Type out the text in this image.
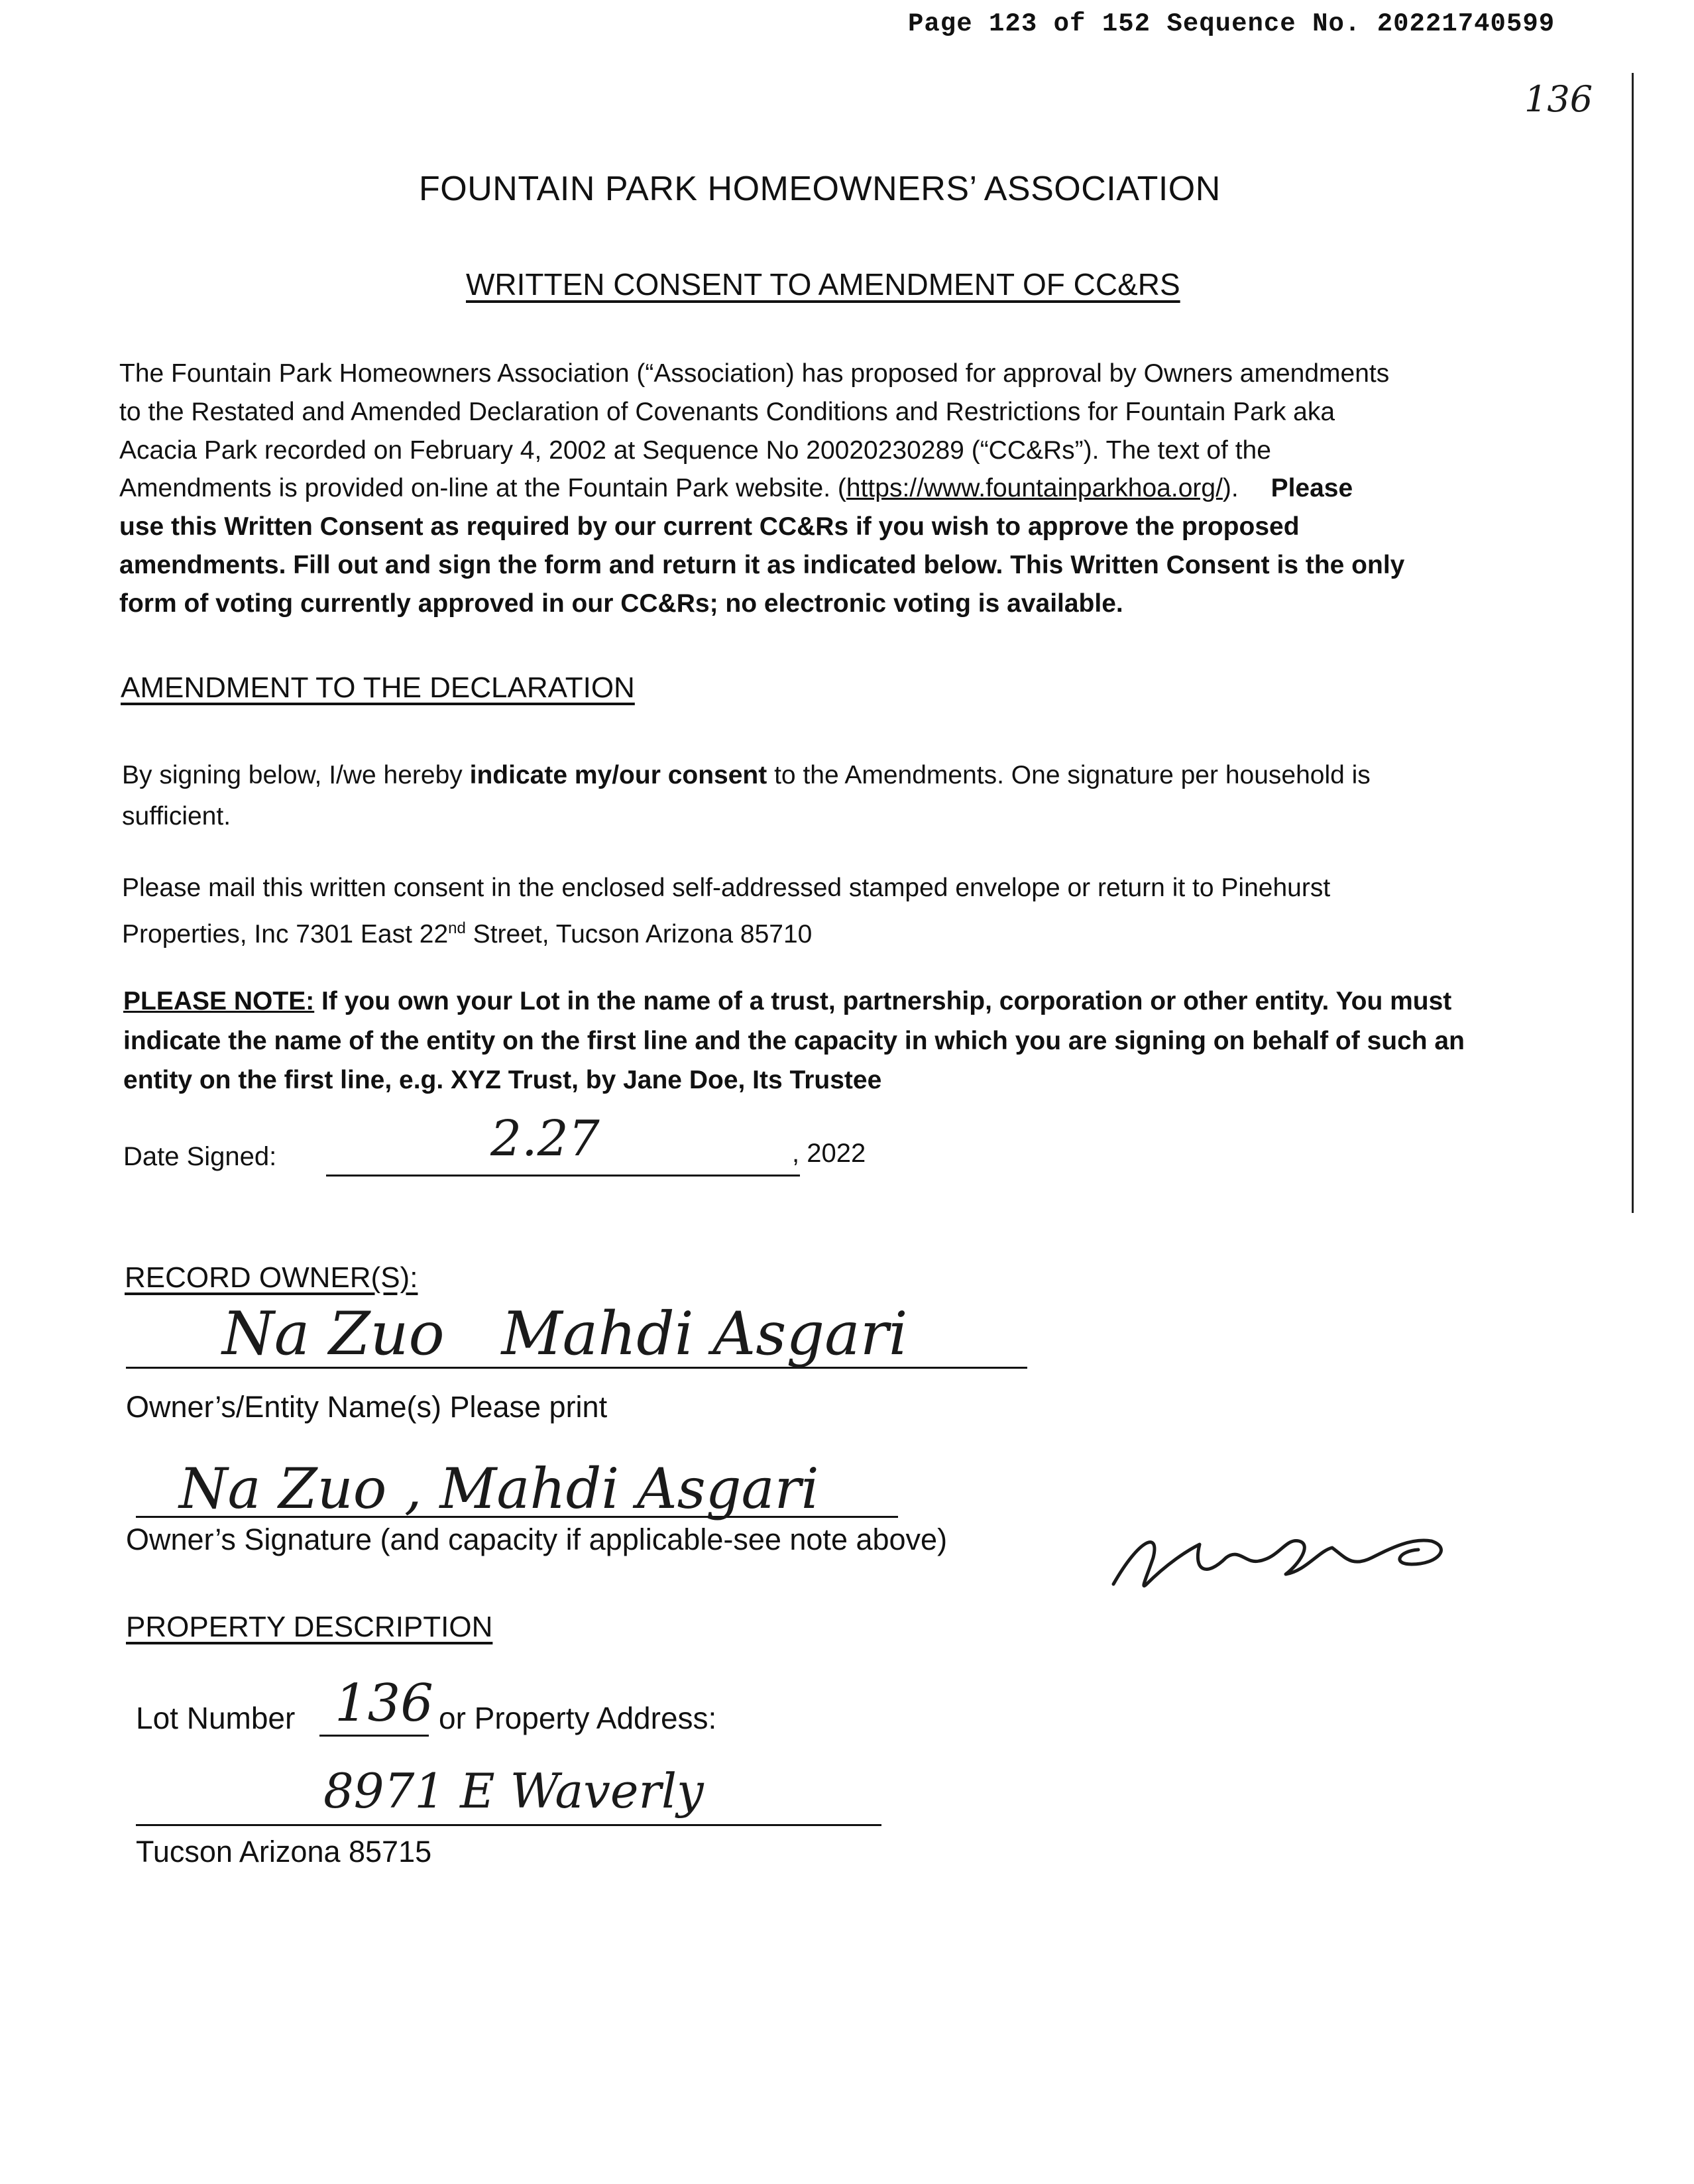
Page 123 of 152 Sequence No. 20221740599
136
FOUNTAIN PARK HOMEOWNERS’ ASSOCIATION
WRITTEN CONSENT TO AMENDMENT OF CC&RS
The Fountain Park Homeowners Association (“Association) has proposed for approval by Owners amendments
to the Restated and Amended Declaration of Covenants Conditions and Restrictions for Fountain Park aka
Acacia Park recorded on February 4, 2002 at Sequence No 20020230289 (“CC&Rs”). The text of the
Amendments is provided on-line at the Fountain Park website. (https://www.fountainparkhoa.org/). Please
use this Written Consent as required by our current CC&Rs if you wish to approve the proposed
amendments. Fill out and sign the form and return it as indicated below. This Written Consent is the only
form of voting currently approved in our CC&Rs; no electronic voting is available.
AMENDMENT TO THE DECLARATION
By signing below, I/we hereby indicate my/our consent to the Amendments. One signature per household is
sufficient.
Please mail this written consent in the enclosed self-addressed stamped envelope or return it to Pinehurst
Properties, Inc 7301 East 22nd Street, Tucson Arizona 85710
PLEASE NOTE: If you own your Lot in the name of a trust, partnership, corporation or other entity. You must
indicate the name of the entity on the first line and the capacity in which you are signing on behalf of such an
entity on the first line, e.g. XYZ Trust, by Jane Doe, Its Trustee
Date Signed:	2.27	, 2022
RECORD OWNER(S):
Na Zuo   Mahdi Asgari
Owner’s/Entity Name(s) Please print
Na Zuo , Mahdi Asgari
Owner’s Signature (and capacity if applicable-see note above)
PROPERTY DESCRIPTION
Lot Number 136 or Property Address:
8971 E Waverly
Tucson Arizona 85715
